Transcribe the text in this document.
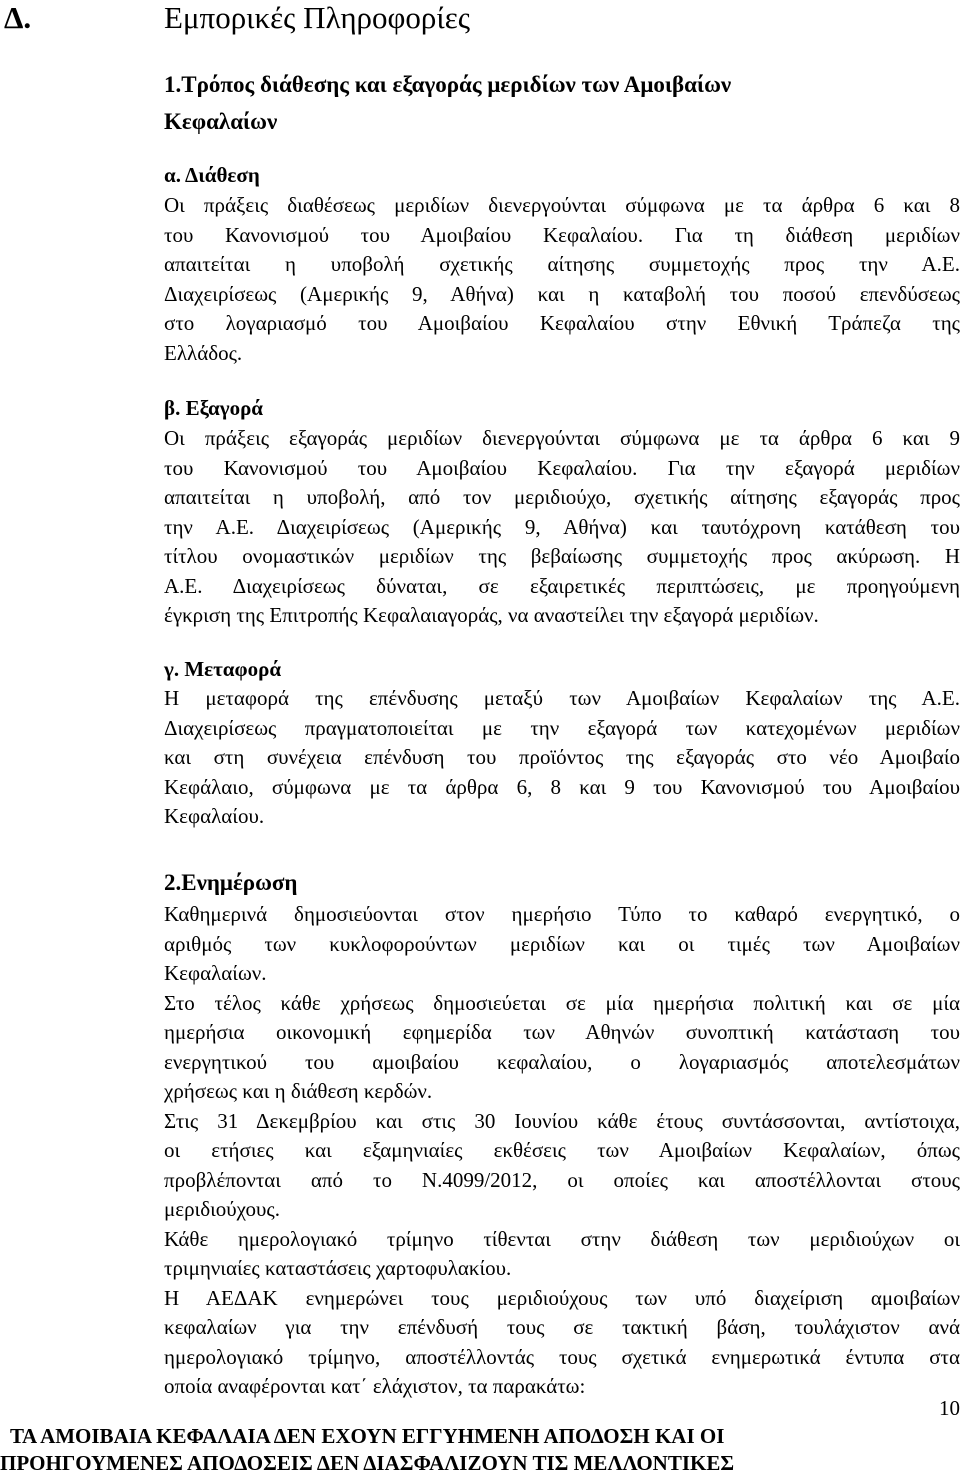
Δ.	Εμπορικές Πληροφορίες
1.Τρόπος διάθεσης και εξαγοράς μεριδίων των Αμοιβαίων
Κεφαλαίων
α. Διάθεση
Οι πράξεις διαθέσεως μεριδίων διενεργούνται σύμφωνα με τα άρθρα 6 και 8
του Κανονισμού του Αμοιβαίου Κεφαλαίου. Για τη διάθεση μεριδίων
απαιτείται η υποβολή σχετικής αίτησης συμμετοχής προς την Α.Ε.
Διαχειρίσεως (Αμερικής 9, Αθήνα) και η καταβολή του ποσού επενδύσεως
στο λογαριασμό του Αμοιβαίου Κεφαλαίου στην Εθνική Τράπεζα της
Ελλάδος.
β. Εξαγορά
Οι πράξεις εξαγοράς μεριδίων διενεργούνται σύμφωνα με τα άρθρα 6 και 9
του Κανονισμού του Αμοιβαίου Κεφαλαίου. Για την εξαγορά μεριδίων
απαιτείται η υποβολή, από τον μεριδιούχο, σχετικής αίτησης εξαγοράς προς
την Α.Ε. Διαχειρίσεως (Αμερικής 9, Αθήνα) και ταυτόχρονη κατάθεση του
τίτλου ονομαστικών μεριδίων της βεβαίωσης συμμετοχής προς ακύρωση. Η
Α.Ε. Διαχειρίσεως δύναται, σε εξαιρετικές περιπτώσεις, με προηγούμενη
έγκριση της Επιτροπής Κεφαλαιαγοράς, να αναστείλει την εξαγορά μεριδίων.
γ. Μεταφορά
Η μεταφορά της επένδυσης μεταξύ των Αμοιβαίων Κεφαλαίων της Α.Ε.
Διαχειρίσεως πραγματοποιείται με την εξαγορά των κατεχομένων μεριδίων
και στη συνέχεια επένδυση του προϊόντος της εξαγοράς στο νέο Αμοιβαίο
Κεφάλαιο, σύμφωνα με τα άρθρα 6, 8 και 9 του Κανονισμού του Αμοιβαίου
Κεφαλαίου.
2.Ενημέρωση
Καθημερινά δημοσιεύονται στον ημερήσιο Τύπο το καθαρό ενεργητικό, ο
αριθμός των κυκλοφορούντων μεριδίων και οι τιμές των Αμοιβαίων
Κεφαλαίων.
Στο τέλος κάθε χρήσεως δημοσιεύεται σε μία ημερήσια πολιτική και σε μία
ημερήσια οικονομική εφημερίδα των Αθηνών συνοπτική κατάσταση του
ενεργητικού του αμοιβαίου κεφαλαίου, ο λογαριασμός αποτελεσμάτων
χρήσεως και η διάθεση κερδών.
Στις 31 Δεκεμβρίου και στις 30 Ιουνίου κάθε έτους συντάσσονται, αντίστοιχα,
οι ετήσιες και εξαμηνιαίες εκθέσεις των Αμοιβαίων Κεφαλαίων, όπως
προβλέπονται από το Ν.4099/2012, οι οποίες και αποστέλλονται στους
μεριδιούχους.
Κάθε ημερολογιακό τρίμηνο τίθενται στην διάθεση των μεριδιούχων οι
τριμηνιαίες καταστάσεις χαρτοφυλακίου.
Η ΑΕΔΑΚ ενημερώνει τους μεριδιούχους των υπό διαχείριση αμοιβαίων
κεφαλαίων για την επένδυσή τους σε τακτική βάση, τουλάχιστον ανά
ημερολογιακό τρίμηνο, αποστέλλοντάς τους σχετικά ενημερωτικά έντυπα στα
οποία αναφέρονται κατ΄ ελάχιστον, τα παρακάτω:
10
ΤΑ ΑΜΟΙΒΑΙΑ ΚΕΦΑΛΑΙΑ ΔΕΝ ΕΧΟΥΝ ΕΓΓΥΗΜΕΝΗ ΑΠΟΔΟΣΗ ΚΑΙ ΟΙ
ΠΡΟΗΓΟΥΜΕΝΕΣ ΑΠΟΔΟΣΕΙΣ ΔΕΝ ΔΙΑΣΦΑΛΙΖΟΥΝ ΤΙΣ ΜΕΛΛΟΝΤΙΚΕΣ
